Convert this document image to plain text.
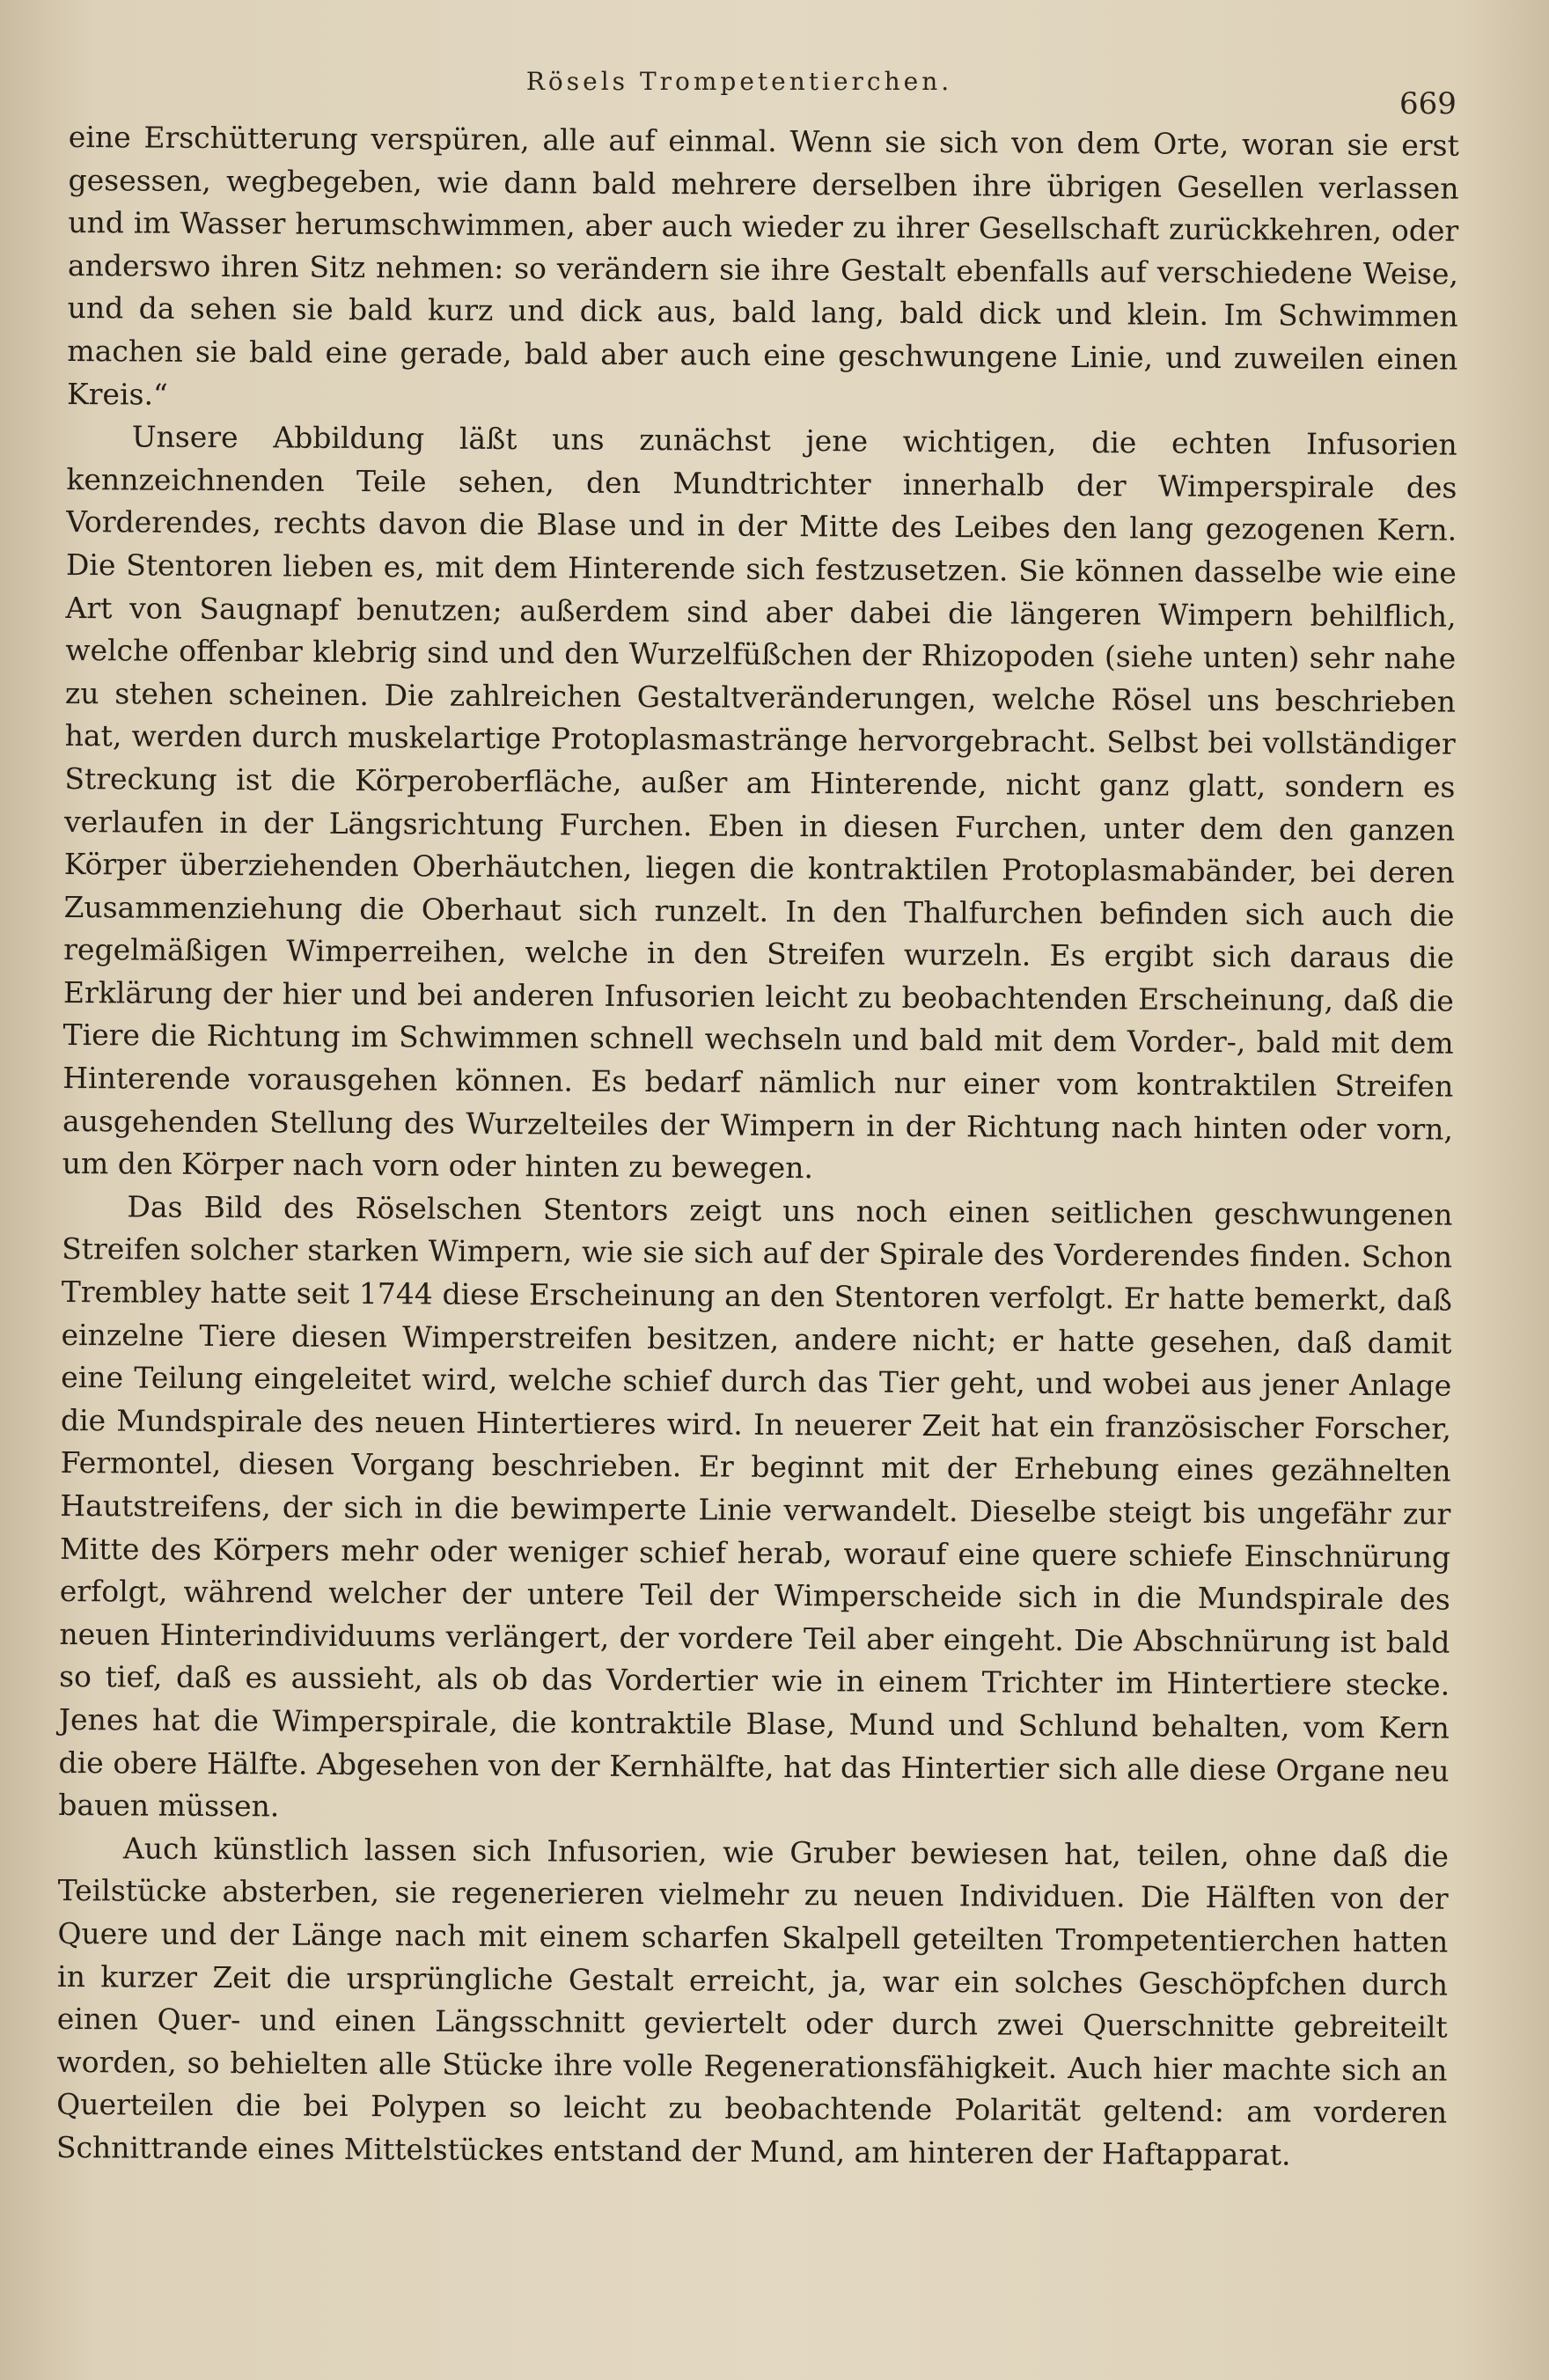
Rösels Trompetentierchen.
669

eine Erschütterung verspüren, alle auf einmal. Wenn sie sich von dem Orte, woran sie erst gesessen, wegbegeben, wie dann bald mehrere derselben ihre übrigen Gesellen verlassen und im Wasser herumschwimmen, aber auch wieder zu ihrer Gesellschaft zurückkehren, oder anderswo ihren Sitz nehmen: so verändern sie ihre Gestalt ebenfalls auf verschiedene Weise, und da sehen sie bald kurz und dick aus, bald lang, bald dick und klein. Im Schwimmen machen sie bald eine gerade, bald aber auch eine geschwungene Linie, und zuweilen einen Kreis.“

Unsere Abbildung läßt uns zunächst jene wichtigen, die echten Infusorien kennzeichnenden Teile sehen, den Mundtrichter innerhalb der Wimperspirale des Vorderendes, rechts davon die Blase und in der Mitte des Leibes den lang gezogenen Kern. Die Stentoren lieben es, mit dem Hinterende sich festzusetzen. Sie können dasselbe wie eine Art von Saugnapf benutzen; außerdem sind aber dabei die längeren Wimpern behilflich, welche offenbar klebrig sind und den Wurzelfüßchen der Rhizopoden (siehe unten) sehr nahe zu stehen scheinen. Die zahlreichen Gestaltveränderungen, welche Rösel uns beschrieben hat, werden durch muskelartige Protoplasmastränge hervorgebracht. Selbst bei vollständiger Streckung ist die Körperoberfläche, außer am Hinterende, nicht ganz glatt, sondern es verlaufen in der Längsrichtung Furchen. Eben in diesen Furchen, unter dem den ganzen Körper überziehenden Oberhäutchen, liegen die kontraktilen Protoplasmabänder, bei deren Zusammenziehung die Oberhaut sich runzelt. In den Thalfurchen befinden sich auch die regelmäßigen Wimperreihen, welche in den Streifen wurzeln. Es ergibt sich daraus die Erklärung der hier und bei anderen Infusorien leicht zu beobachtenden Erscheinung, daß die Tiere die Richtung im Schwimmen schnell wechseln und bald mit dem Vorder-, bald mit dem Hinterende vorausgehen können. Es bedarf nämlich nur einer vom kontraktilen Streifen ausgehenden Stellung des Wurzelteiles der Wimpern in der Richtung nach hinten oder vorn, um den Körper nach vorn oder hinten zu bewegen.

Das Bild des Röselschen Stentors zeigt uns noch einen seitlichen geschwungenen Streifen solcher starken Wimpern, wie sie sich auf der Spirale des Vorderendes finden. Schon Trembley hatte seit 1744 diese Erscheinung an den Stentoren verfolgt. Er hatte bemerkt, daß einzelne Tiere diesen Wimperstreifen besitzen, andere nicht; er hatte gesehen, daß damit eine Teilung eingeleitet wird, welche schief durch das Tier geht, und wobei aus jener Anlage die Mundspirale des neuen Hintertieres wird. In neuerer Zeit hat ein französischer Forscher, Fermontel, diesen Vorgang beschrieben. Er beginnt mit der Erhebung eines gezähnelten Hautstreifens, der sich in die bewimperte Linie verwandelt. Dieselbe steigt bis ungefähr zur Mitte des Körpers mehr oder weniger schief herab, worauf eine quere schiefe Einschnürung erfolgt, während welcher der untere Teil der Wimperscheide sich in die Mundspirale des neuen Hinterindividuums verlängert, der vordere Teil aber eingeht. Die Abschnürung ist bald so tief, daß es aussieht, als ob das Vordertier wie in einem Trichter im Hintertiere stecke. Jenes hat die Wimperspirale, die kontraktile Blase, Mund und Schlund behalten, vom Kern die obere Hälfte. Abgesehen von der Kernhälfte, hat das Hintertier sich alle diese Organe neu bauen müssen.

Auch künstlich lassen sich Infusorien, wie Gruber bewiesen hat, teilen, ohne daß die Teilstücke absterben, sie regenerieren vielmehr zu neuen Individuen. Die Hälften von der Quere und der Länge nach mit einem scharfen Skalpell geteilten Trompetentierchen hatten in kurzer Zeit die ursprüngliche Gestalt erreicht, ja, war ein solches Geschöpfchen durch einen Quer- und einen Längsschnitt geviertelt oder durch zwei Querschnitte gebreiteilt worden, so behielten alle Stücke ihre volle Regenerationsfähigkeit. Auch hier machte sich an Querteilen die bei Polypen so leicht zu beobachtende Polarität geltend: am vorderen Schnittrande eines Mittelstückes entstand der Mund, am hinteren der Haftapparat.
